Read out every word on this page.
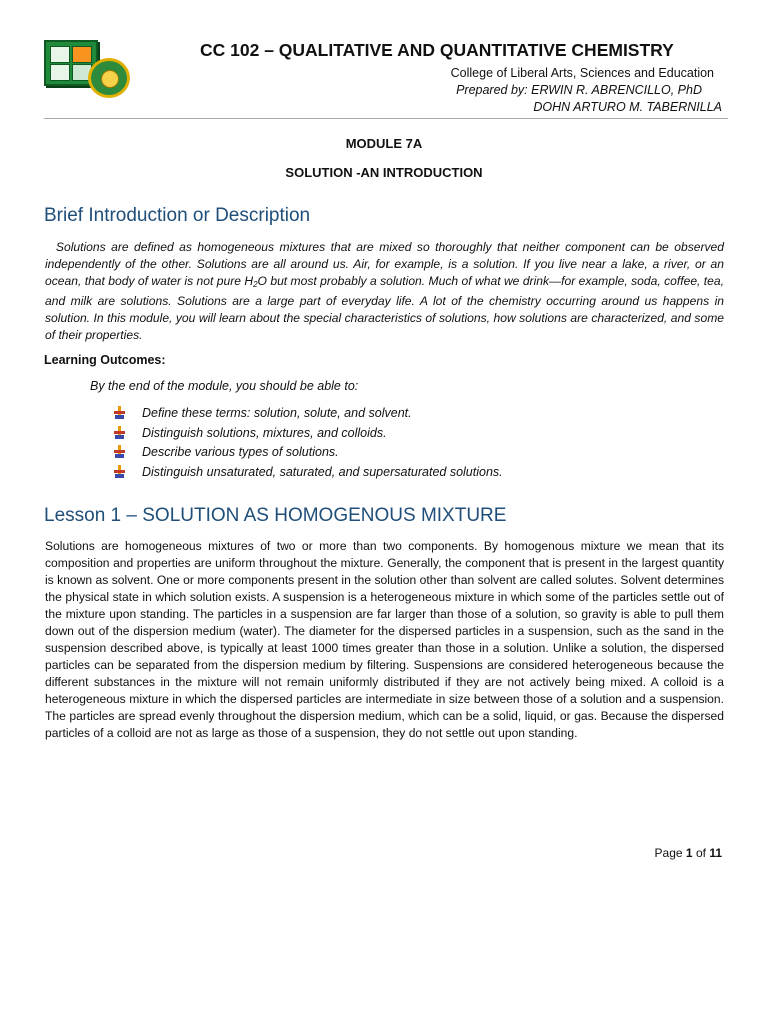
CC 102 – QUALITATIVE AND QUANTITATIVE CHEMISTRY
College of Liberal Arts, Sciences and Education
Prepared by: ERWIN R. ABRENCILLO, PhD
DOHN ARTURO M. TABERNILLA
MODULE 7A
SOLUTION -AN INTRODUCTION
Brief Introduction or Description
Solutions are defined as homogeneous mixtures that are mixed so thoroughly that neither component can be observed independently of the other. Solutions are all around us. Air, for example, is a solution. If you live near a lake, a river, or an ocean, that body of water is not pure $H_2O$ but most probably a solution. Much of what we drink—for example, soda, coffee, tea, and milk are solutions. Solutions are a large part of everyday life. A lot of the chemistry occurring around us happens in solution. In this module, you will learn about the special characteristics of solutions, how solutions are characterized, and some of their properties.
Learning Outcomes:
By the end of the module, you should be able to:
Define these terms: solution, solute, and solvent.
Distinguish solutions, mixtures, and colloids.
Describe various types of solutions.
Distinguish unsaturated, saturated, and supersaturated solutions.
Lesson 1 – SOLUTION AS HOMOGENOUS MIXTURE
Solutions are homogeneous mixtures of two or more than two components. By homogenous mixture we mean that its composition and properties are uniform throughout the mixture. Generally, the component that is present in the largest quantity is known as solvent. One or more components present in the solution other than solvent are called solutes. Solvent determines the physical state in which solution exists. A suspension is a heterogeneous mixture in which some of the particles settle out of the mixture upon standing. The particles in a suspension are far larger than those of a solution, so gravity is able to pull them down out of the dispersion medium (water). The diameter for the dispersed particles in a suspension, such as the sand in the suspension described above, is typically at least 1000 times greater than those in a solution. Unlike a solution, the dispersed particles can be separated from the dispersion medium by filtering. Suspensions are considered heterogeneous because the different substances in the mixture will not remain uniformly distributed if they are not actively being mixed. A colloid is a heterogeneous mixture in which the dispersed particles are intermediate in size between those of a solution and a suspension. The particles are spread evenly throughout the dispersion medium, which can be a solid, liquid, or gas. Because the dispersed particles of a colloid are not as large as those of a suspension, they do not settle out upon standing.
Page 1 of 11
